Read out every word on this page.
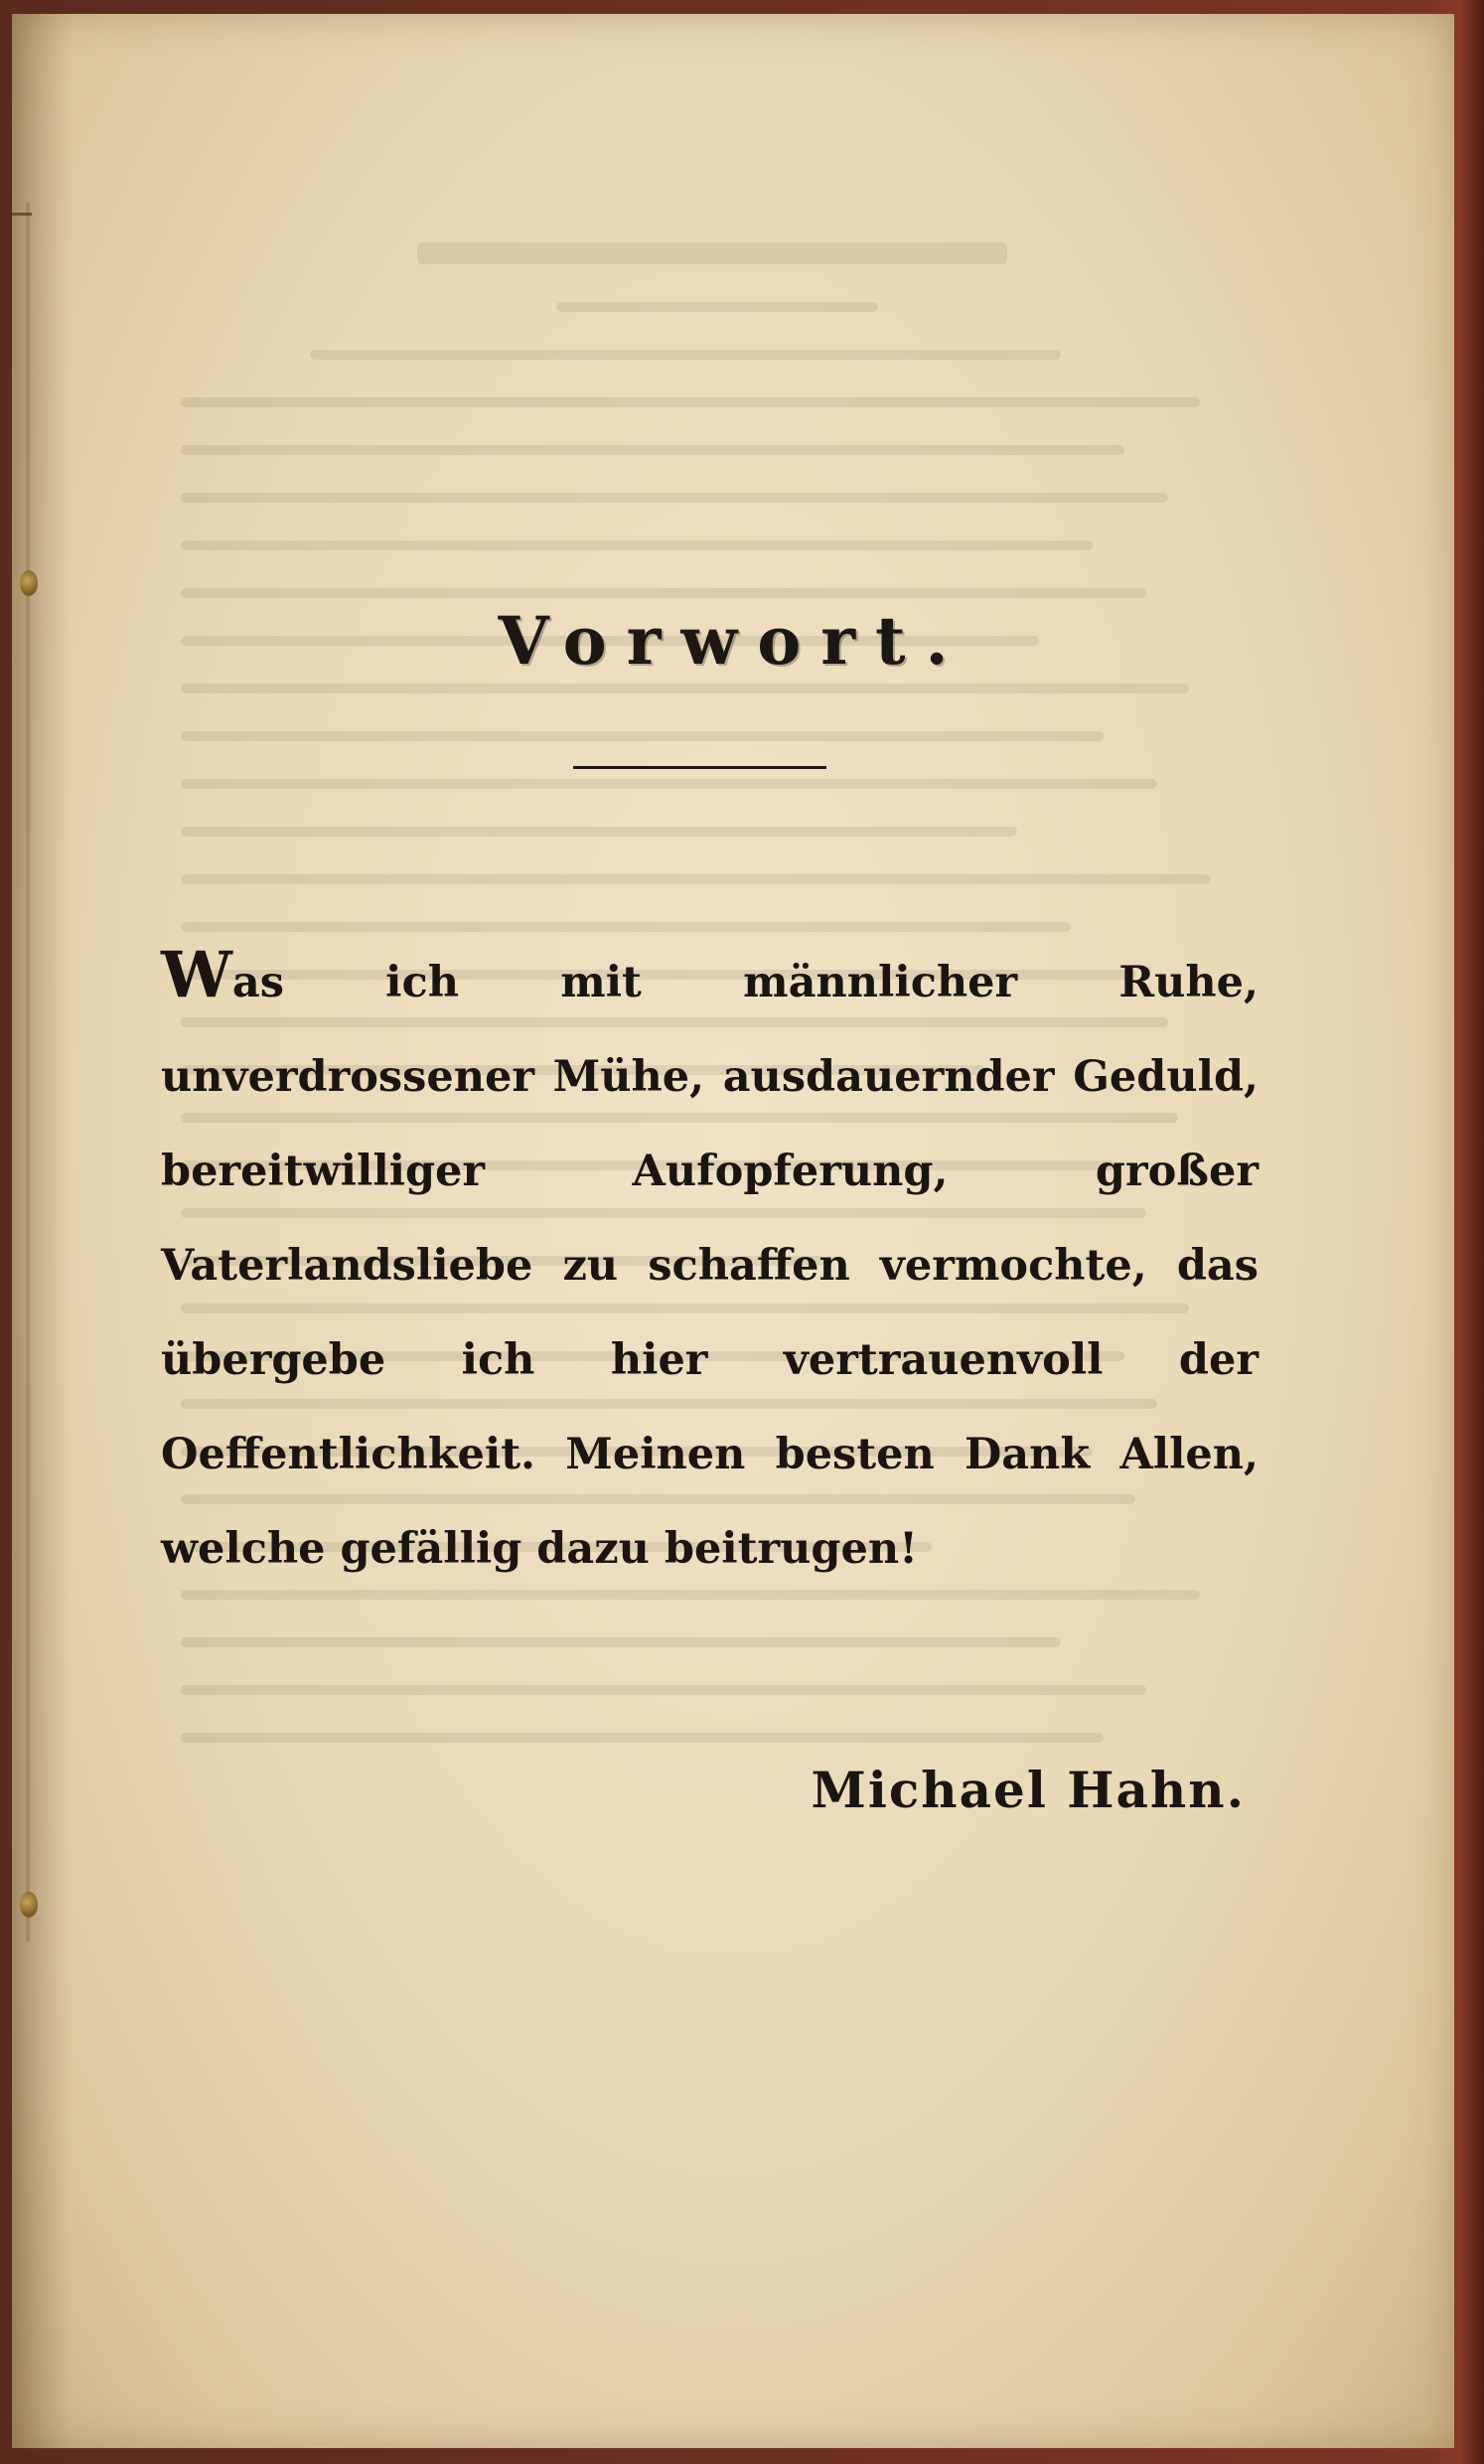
Vorwort.
Was ich mit männlicher Ruhe, unverdrossener Mühe, ausdauernder Geduld, bereitwilliger Aufopferung, großer Vaterlandsliebe zu schaffen vermochte, das übergebe ich hier vertrauenvoll der Oeffentlichkeit. Meinen besten Dank Allen, welche gefällig dazu beitrugen!
Michael Hahn.
